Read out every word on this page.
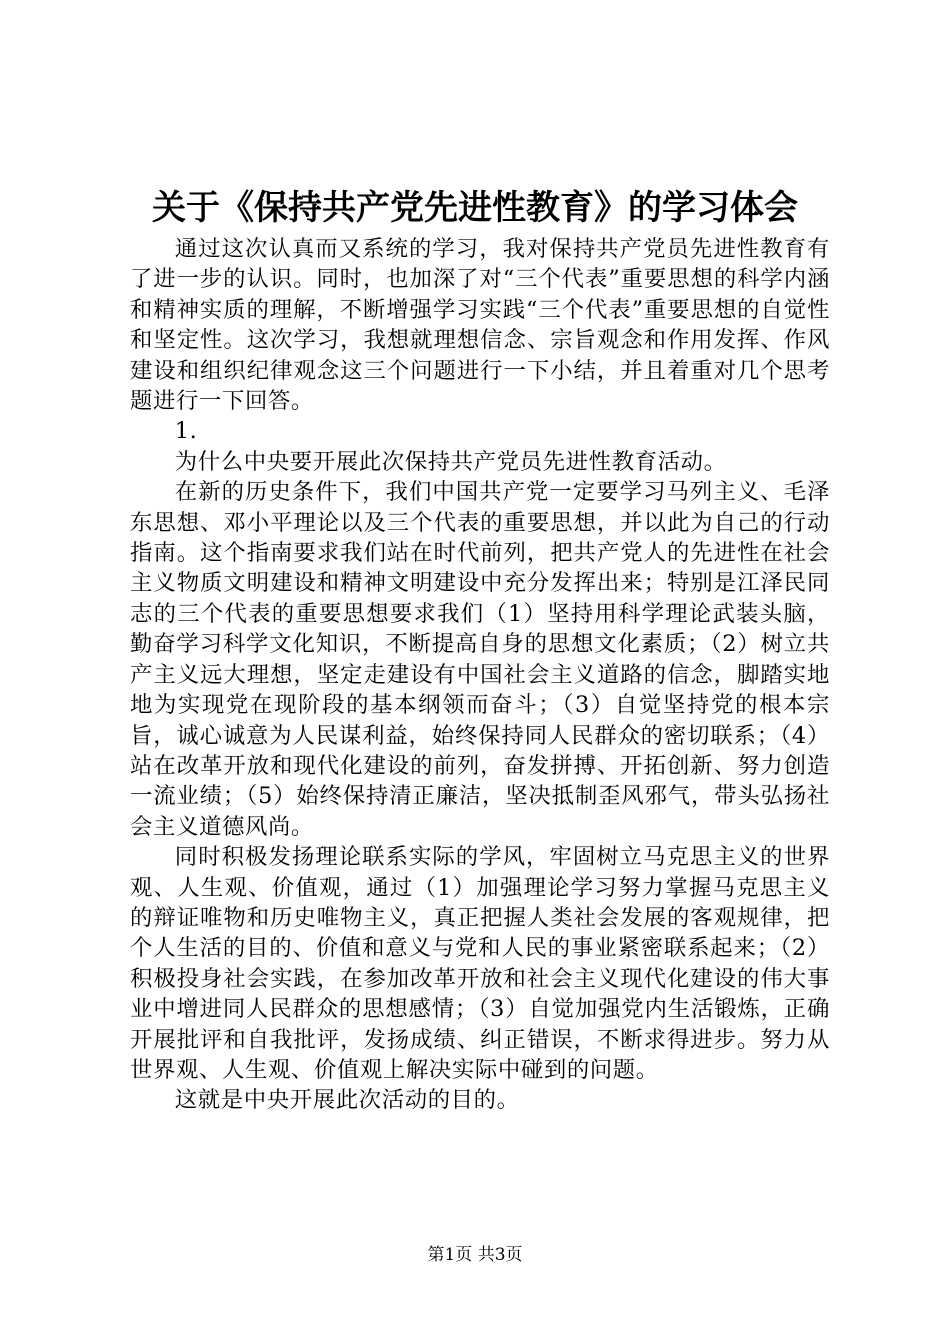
关于《保持共产党先进性教育》的学习体会

通过这次认真而又系统的学习，我对保持共产党员先进性教育有了进一步的认识。同时，也加深了对“三个代表”重要思想的科学内涵和精神实质的理解，不断增强学习实践“三个代表”重要思想的自觉性和坚定性。这次学习，我想就理想信念、宗旨观念和作用发挥、作风建设和组织纪律观念这三个问题进行一下小结，并且着重对几个思考题进行一下回答。

1.

为什么中央要开展此次保持共产党员先进性教育活动。

在新的历史条件下，我们中国共产党一定要学习马列主义、毛泽东思想、邓小平理论以及三个代表的重要思想，并以此为自己的行动指南。这个指南要求我们站在时代前列，把共产党人的先进性在社会主义物质文明建设和精神文明建设中充分发挥出来；特别是江泽民同志的三个代表的重要思想要求我们（1）坚持用科学理论武装头脑，勤奋学习科学文化知识，不断提高自身的思想文化素质；（2）树立共产主义远大理想，坚定走建设有中国社会主义道路的信念，脚踏实地地为实现党在现阶段的基本纲领而奋斗；（3）自觉坚持党的根本宗旨，诚心诚意为人民谋利益，始终保持同人民群众的密切联系；（4）站在改革开放和现代化建设的前列，奋发拼搏、开拓创新、努力创造一流业绩；（5）始终保持清正廉洁，坚决抵制歪风邪气，带头弘扬社会主义道德风尚。

同时积极发扬理论联系实际的学风，牢固树立马克思主义的世界观、人生观、价值观，通过（1）加强理论学习努力掌握马克思主义的辩证唯物和历史唯物主义，真正把握人类社会发展的客观规律，把个人生活的目的、价值和意义与党和人民的事业紧密联系起来；（2）积极投身社会实践，在参加改革开放和社会主义现代化建设的伟大事业中增进同人民群众的思想感情；（3）自觉加强党内生活锻炼，正确开展批评和自我批评，发扬成绩、纠正错误，不断求得进步。努力从世界观、人生观、价值观上解决实际中碰到的问题。

这就是中央开展此次活动的目的。

第1页 共3页
